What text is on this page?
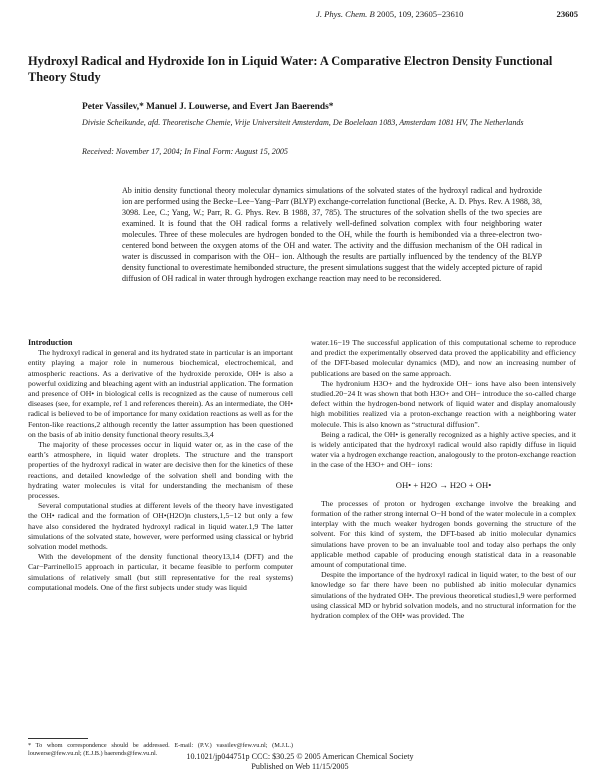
J. Phys. Chem. B 2005, 109, 23605−23610	23605
Hydroxyl Radical and Hydroxide Ion in Liquid Water: A Comparative Electron Density Functional Theory Study
Peter Vassilev,* Manuel J. Louwerse, and Evert Jan Baerends*
Divisie Scheikunde, afd. Theoretische Chemie, Vrije Universiteit Amsterdam, De Boelelaan 1083, Amsterdam 1081 HV, The Netherlands
Received: November 17, 2004; In Final Form: August 15, 2005
Ab initio density functional theory molecular dynamics simulations of the solvated states of the hydroxyl radical and hydroxide ion are performed using the Becke−Lee−Yang−Parr (BLYP) exchange-correlation functional (Becke, A. D. Phys. Rev. A 1988, 38, 3098. Lee, C.; Yang, W.; Parr, R. G. Phys. Rev. B 1988, 37, 785). The structures of the solvation shells of the two species are examined. It is found that the OH radical forms a relatively well-defined solvation complex with four neighboring water molecules. Three of these molecules are hydrogen bonded to the OH, while the fourth is hemibonded via a three-electron two-centered bond between the oxygen atoms of the OH and water. The activity and the diffusion mechanism of the OH radical in water is discussed in comparison with the OH− ion. Although the results are partially influenced by the tendency of the BLYP density functional to overestimate hemibonded structure, the present simulations suggest that the widely accepted picture of rapid diffusion of OH radical in water through hydrogen exchange reaction may need to be reconsidered.

Introduction

The hydroxyl radical in general and its hydrated state in particular is an important entity playing a major role in numerous biochemical, electrochemical, and atmospheric reactions. As a derivative of the hydroxide peroxide, OH• is also a powerful oxidizing and bleaching agent with an industrial application. The formation and presence of OH• in biological cells is recognized as the cause of numerous cell diseases (see, for example, ref 1 and references therein). As an intermediate, the OH• radical is believed to be of importance for many oxidation reactions as well as for the Fenton-like reactions,2 although recently the latter assumption has been questioned on the basis of ab initio density functional theory results.3,4

The majority of these processes occur in liquid water or, as in the case of the earth’s atmosphere, in liquid water droplets. The structure and the transport properties of the hydroxyl radical in water are decisive then for the kinetics of these reactions, and detailed knowledge of the solvation shell and bonding with the hydrating water molecules is vital for understanding the mechanism of these processes.

Several computational studies at different levels of the theory have investigated the OH• radical and the formation of OH•(H2O)n clusters,1,5−12 but only a few have also considered the hydrated hydroxyl radical in liquid water.1,9 The latter simulations of the solvated state, however, were performed using classical or hybrid solvation model methods.

With the development of the density functional theory13,14 (DFT) and the Car−Parrinello15 approach in particular, it became feasible to perform computer simulations of relatively small (but still representative for the real systems) computational models. One of the first subjects under study was liquid

* To whom correspondence should be addressed. E-mail: (P.V.) vassilev@few.vu.nl; (M.J.L.) louwerse@few.vu.nl; (E.J.B.) baerends@few.vu.nl.

water.16−19 The successful application of this computational scheme to reproduce and predict the experimentally observed data proved the applicability and efficiency of the DFT-based molecular dynamics (MD), and now an increasing number of publications are based on the same approach.

The hydronium H3O+ and the hydroxide OH− ions have also been intensively studied.20−24 It was shown that both H3O+ and OH− introduce the so-called charge defect within the hydrogen-bond network of liquid water and display anomalously high mobilities realized via a proton-exchange reaction with a neighboring water molecule. This is also known as “structural diffusion”.

Being a radical, the OH• is generally recognized as a highly active species, and it is widely anticipated that the hydroxyl radical would also rapidly diffuse in liquid water via a hydrogen exchange reaction, analogously to the proton-exchange reaction in the case of the H3O+ and OH− ions:

OH• + H2O → H2O + OH•

The processes of proton or hydrogen exchange involve the breaking and formation of the rather strong internal O−H bond of the water molecule in a complex interplay with the much weaker hydrogen bonds governing the structure of the solvent. For this kind of system, the DFT-based ab initio molecular dynamics simulations have proven to be an invaluable tool and today also perhaps the only applicable method capable of producing enough statistical data in a reasonable amount of computational time.

Despite the importance of the hydroxyl radical in liquid water, to the best of our knowledge so far there have been no published ab initio molecular dynamics simulations of the hydrated OH•. The previous theoretical studies1,9 were performed using classical MD or hybrid solvation models, and no structural information for the hydration complex of the OH• was provided. The

10.1021/jp044751p CCC: $30.25 © 2005 American Chemical Society
Published on Web 11/15/2005
